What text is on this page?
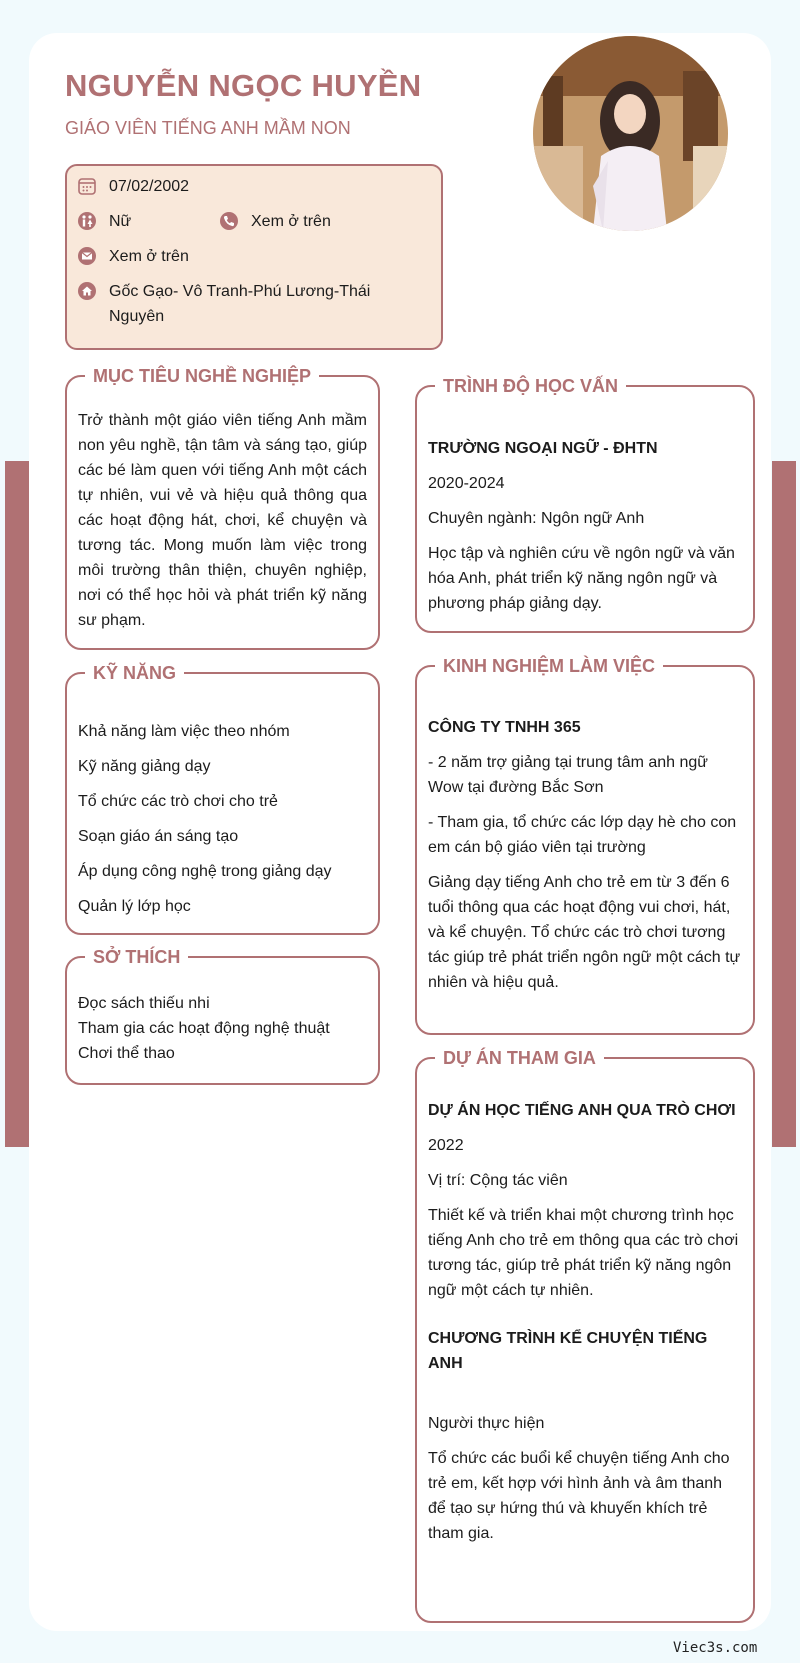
NGUYỄN NGỌC HUYỀN
GIÁO VIÊN TIẾNG ANH MẦM NON
07/02/2002
Nữ	Xem ở trên
Xem ở trên
Gốc Gạo- Vô Tranh-Phú Lương-Thái Nguyên
MỤC TIÊU NGHỀ NGHIỆP
Trở thành một giáo viên tiếng Anh mầm non yêu nghề, tận tâm và sáng tạo, giúp các bé làm quen với tiếng Anh một cách tự nhiên, vui vẻ và hiệu quả thông qua các hoạt động hát, chơi, kể chuyện và tương tác. Mong muốn làm việc trong môi trường thân thiện, chuyên nghiệp, nơi có thể học hỏi và phát triển kỹ năng sư phạm.
KỸ NĂNG
Khả năng làm việc theo nhóm
Kỹ năng giảng dạy
Tổ chức các trò chơi cho trẻ
Soạn giáo án sáng tạo
Áp dụng công nghệ trong giảng dạy
Quản lý lớp học
SỞ THÍCH
Đọc sách thiếu nhi
Tham gia các hoạt động nghệ thuật
Chơi thể thao
TRÌNH ĐỘ HỌC VẤN
TRƯỜNG NGOẠI NGỮ - ĐHTN
2020-2024
Chuyên ngành: Ngôn ngữ Anh
Học tập và nghiên cứu về ngôn ngữ và văn hóa Anh, phát triển kỹ năng ngôn ngữ và phương pháp giảng dạy.
KINH NGHIỆM LÀM VIỆC
CÔNG TY TNHH 365
- 2 năm trợ giảng tại trung tâm anh ngữ Wow tại đường Bắc Sơn
- Tham gia, tổ chức các lớp dạy hè cho con em cán bộ giáo viên tại trường
Giảng dạy tiếng Anh cho trẻ em từ 3 đến 6 tuổi thông qua các hoạt động vui chơi, hát, và kể chuyện. Tổ chức các trò chơi tương tác giúp trẻ phát triển ngôn ngữ một cách tự nhiên và hiệu quả.
DỰ ÁN THAM GIA
DỰ ÁN HỌC TIẾNG ANH QUA TRÒ CHƠI
2022
Vị trí: Cộng tác viên
Thiết kế và triển khai một chương trình học tiếng Anh cho trẻ em thông qua các trò chơi tương tác, giúp trẻ phát triển kỹ năng ngôn ngữ một cách tự nhiên.
CHƯƠNG TRÌNH KỂ CHUYỆN TIẾNG ANH
Người thực hiện
Tổ chức các buổi kể chuyện tiếng Anh cho trẻ em, kết hợp với hình ảnh và âm thanh để tạo sự hứng thú và khuyến khích trẻ tham gia.
Viec3s.com
